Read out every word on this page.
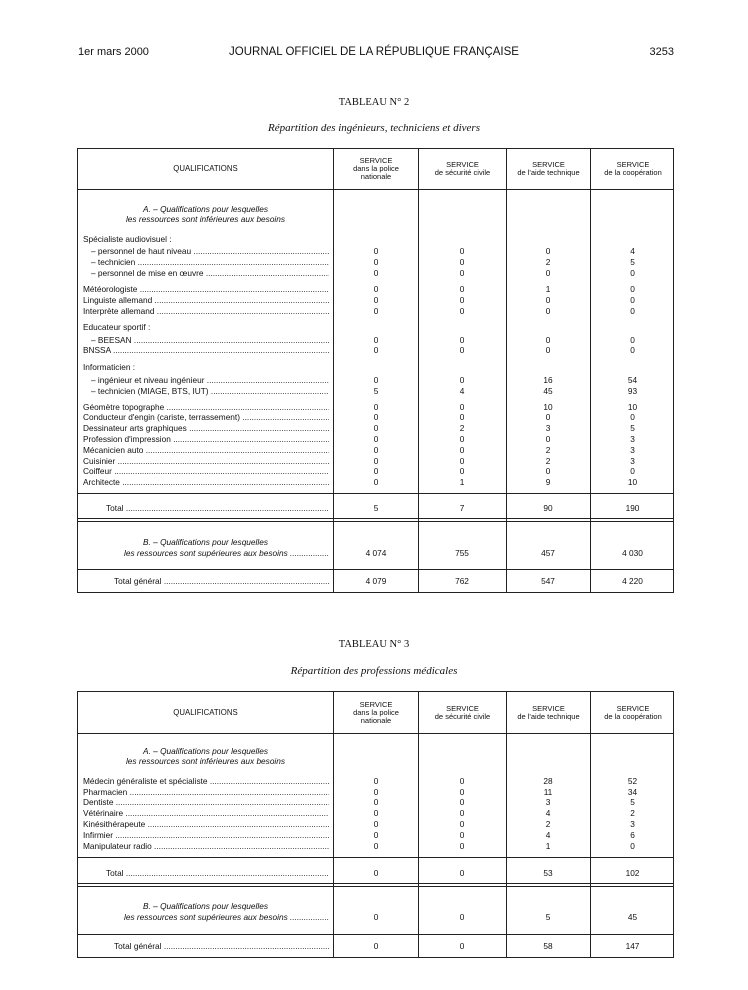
1er mars 2000	JOURNAL OFFICIEL DE LA RÉPUBLIQUE FRANÇAISE	3253
TABLEAU N° 2
Répartition des ingénieurs, techniciens et divers
QUALIFICATIONS
SERVICE
dans la police
nationale
SERVICE
de sécurité civile
SERVICE
de l'aide technique
SERVICE
de la coopération
A. – Qualifications pour lesquelles
les ressources sont inférieures aux besoins
Spécialiste audiovisuel :
– personnel de haut niveau .....	0	0	0	4
– technicien .....	0	0	2	5
– personnel de mise en œuvre .....	0	0	0	0
Météorologiste .....	0	0	1	0
Linguiste allemand .....	0	0	0	0
Interprète allemand .....	0	0	0	0
Educateur sportif :
– BEESAN .....	0	0	0	0
BNSSA .....	0	0	0	0
Informaticien :
– ingénieur et niveau ingénieur .....	0	0	16	54
– technicien (MIAGE, BTS, IUT) .....	5	4	45	93
Géomètre topographe .....	0	0	10	10
Conducteur d'engin (cariste, terrassement) .....	0	0	0	0
Dessinateur arts graphiques .....	0	2	3	5
Profession d'impression .....	0	0	0	3
Mécanicien auto .....	0	0	2	3
Cuisinier .....	0	0	2	3
Coiffeur .....	0	0	0	0
Architecte .....	0	1	9	10
Total .....	5	7	90	190
B. – Qualifications pour lesquelles
les ressources sont supérieures aux besoins .....	4 074	755	457	4 030
Total général .....	4 079	762	547	4 220
TABLEAU N° 3
Répartition des professions médicales
QUALIFICATIONS
SERVICE
dans la police
nationale
SERVICE
de sécurité civile
SERVICE
de l'aide technique
SERVICE
de la coopération
A. – Qualifications pour lesquelles
les ressources sont inférieures aux besoins
Médecin généraliste et spécialiste .....	0	0	28	52
Pharmacien .....	0	0	11	34
Dentiste .....	0	0	3	5
Vétérinaire .....	0	0	4	2
Kinésithérapeute .....	0	0	2	3
Infirmier .....	0	0	4	6
Manipulateur radio .....	0	0	1	0
Total .....	0	0	53	102
B. – Qualifications pour lesquelles
les ressources sont supérieures aux besoins .....	0	0	5	45
Total général .....	0	0	58	147
